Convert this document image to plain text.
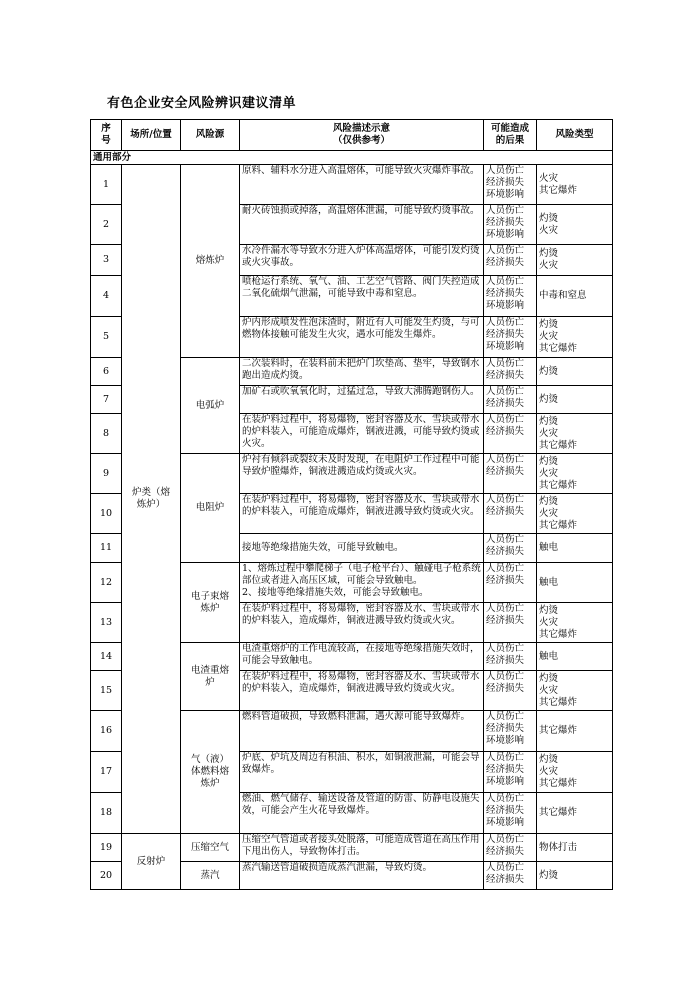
有色企业安全风险辨识建议清单
序
号	场所/位置	风险源	风险描述示意
（仅供参考）	可能造成
的后果	风险类型
通用部分					
1	炉类（熔
炼炉）	熔炼炉	原料、辅料水分进入高温熔体，可能导致火灾爆炸事故。	人员伤亡
经济损失
环境影响	火灾
其它爆炸
2			耐火砖蚀损或掉落，高温熔体泄漏，可能导致灼烫事故。	人员伤亡
经济损失
环境影响	灼烫
火灾
3			水冷件漏水等导致水分进入炉体高温熔体，可能引发灼烫或火灾事故。	人员伤亡
经济损失	灼烫
火灾
4			喷枪运行系统、氧气、油、工艺空气管路、阀门失控造成二氧化硫烟气泄漏，可能导致中毒和窒息。	人员伤亡
经济损失
环境影响	中毒和窒息
5			炉内形成喷发性泡沫渣时，附近有人可能发生灼烫，与可燃物体接触可能发生火灾，遇水可能发生爆炸。	人员伤亡
经济损失
环境影响	灼烫
火灾
其它爆炸
6		电弧炉	二次装料时，在装料前未把炉门坎垫高、垫牢，导致钢水跑出造成灼烫。	人员伤亡
经济损失	灼烫
7			加矿石或吹氧氧化时，过猛过急，导致大沸腾跑钢伤人。	人员伤亡
经济损失	灼烫
8			在装炉料过程中，将易爆物，密封容器及水、雪块或带水的炉料装入，可能造成爆炸，钢液进溅，可能导致灼烫或火灾。	人员伤亡
经济损失	灼烫
火灾
其它爆炸
9		电阻炉	炉衬有倾斜或裂纹未及时发现，在电阻炉工作过程中可能导致炉膛爆炸，铜液进溅造成灼烫或火灾。	人员伤亡
经济损失	灼烫
火灾
其它爆炸
10			在装炉料过程中，将易爆物，密封容器及水、雪块或带水的炉料装入，可能造成爆炸，铜液进溅导致灼烫或火灾。	人员伤亡
经济损失	灼烫
火灾
其它爆炸
11			接地等绝缘措施失效，可能导致触电。	人员伤亡
经济损失	触电
12		电子束熔
炼炉	1、熔炼过程中攀爬梯子（电子枪平台）、触碰电子枪系统部位或者进入高压区域，可能会导致触电。
2、接地等绝缘措施失效，可能会导致触电。	人员伤亡
经济损失	触电
13			在装炉料过程中，将易爆物，密封容器及水、雪块或带水的炉料装入，造成爆炸，铜液进溅导致灼烫或火灾。	人员伤亡
经济损失	灼烫
火灾
其它爆炸
14		电渣重熔
炉	电渣重熔炉的工作电流较高，在接地等绝缘措施失效时，可能会导致触电。	人员伤亡
经济损失	触电
15			在装炉料过程中，将易爆物，密封容器及水、雪块或带水的炉料装入，造成爆炸，铜液进溅导致灼烫或火灾。	人员伤亡
经济损失	灼烫
火灾
其它爆炸
16		气（液）
体燃料熔
炼炉	燃料管道破损，导致燃料泄漏，遇火源可能导致爆炸。	人员伤亡
经济损失
环境影响	其它爆炸
17			炉底、炉坑及周边有积油、积水，如铜液泄漏，可能会导致爆炸。	人员伤亡
经济损失
环境影响	灼烫
火灾
其它爆炸
18			燃油、燃气储存、输送设备及管道的防雷、防静电设施失效，可能会产生火花导致爆炸。	人员伤亡
经济损失
环境影响	其它爆炸
19	反射炉	压缩空气	压缩空气管道或者接头处脱落，可能造成管道在高压作用下甩出伤人，导致物体打击。	人员伤亡
经济损失	物体打击
20		蒸汽	蒸汽输送管道破损造成蒸汽泄漏，导致灼烫。	人员伤亡
经济损失	灼烫
